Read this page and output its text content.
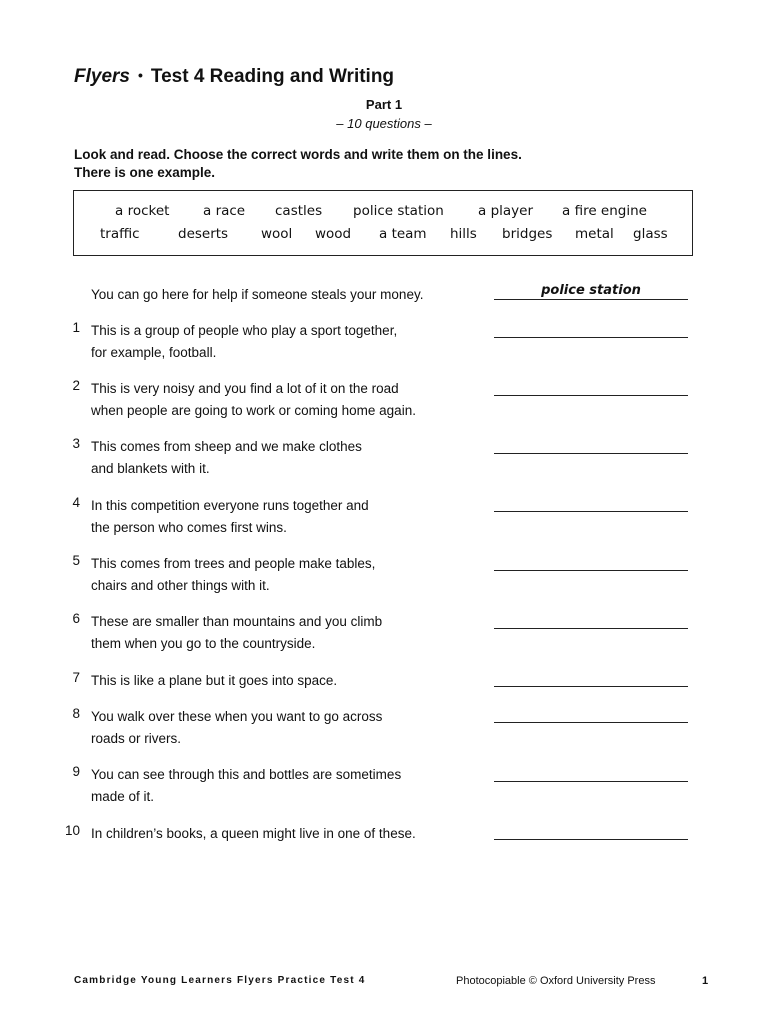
Flyers • Test 4 Reading and Writing
Part 1
– 10 questions –
Look and read. Choose the correct words and write them on the lines.
There is one example.
a rocket a race castles police station	a player a fire engine
traffic	deserts wool wood a team hills bridges metal glass
You can go here for help if someone steals your money.	police station
1 This is a group of people who play a sport together,
for example, football.
2 This is very noisy and you find a lot of it on the road
when people are going to work or coming home again.
3 This comes from sheep and we make clothes
and blankets with it.
4 In this competition everyone runs together and
the person who comes first wins.
5 This comes from trees and people make tables,
chairs and other things with it.
6 These are smaller than mountains and you climb
them when you go to the countryside.
7 This is like a plane but it goes into space.
8 You walk over these when you want to go across
roads or rivers.
9 You can see through this and bottles are sometimes
made of it.
10 In children’s books, a queen might live in one of these.
Cambridge Young Learners Flyers Practice Test 4	Photocopiable © Oxford University Press	1
